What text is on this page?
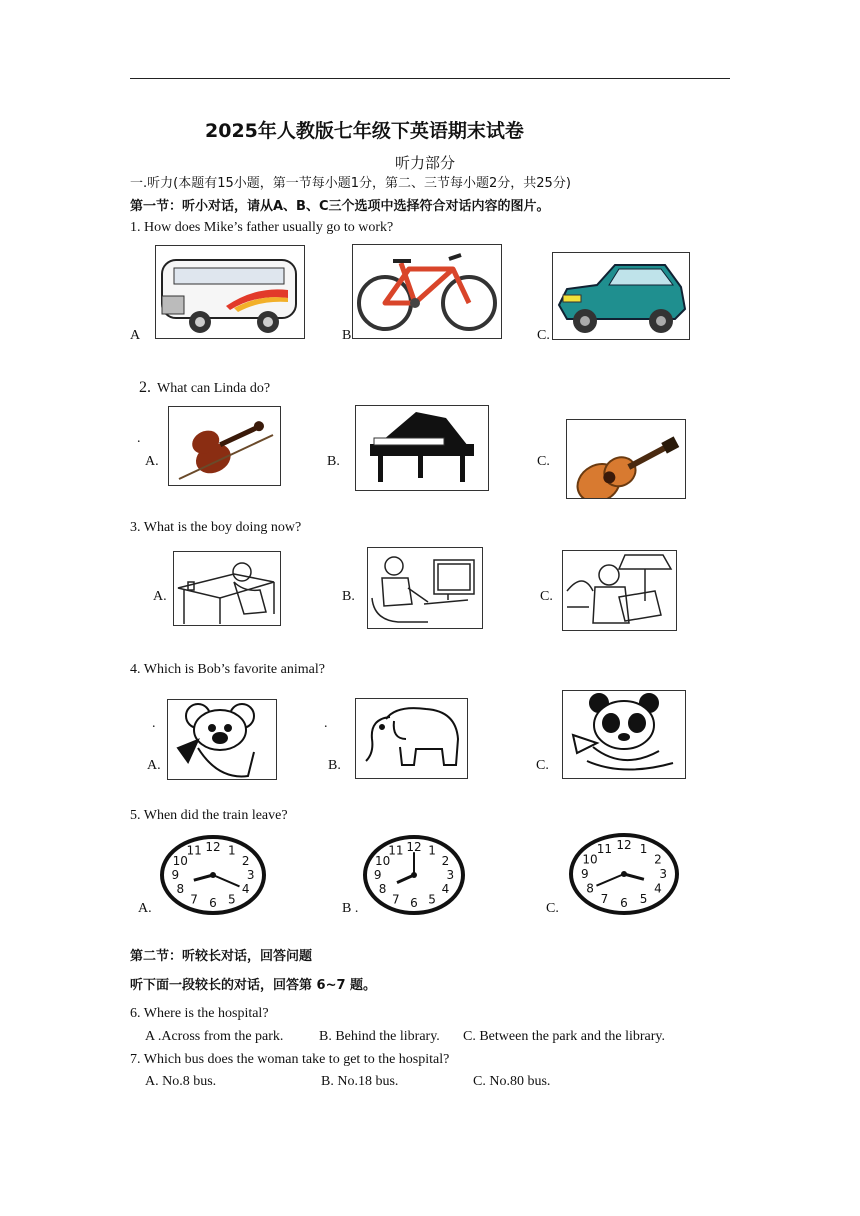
2025年人教版七年级下英语期末试卷
听力部分
一.听力(本题有15小题，第一节每小题1分，第二、三节每小题2分，共25分)
第一节：听小对话，请从A、B、C三个选项中选择符合对话内容的图片。
1. How does Mike’s father usually go to work?
A	B	C.
2. What can Linda do?
.
A.	B.	C.
3. What is the boy doing now?
A.	B.	C.
4. Which is Bob’s favorite animal?
.	.
A.	B.	C.
5. When did the train leave?
A.
12 1
2
3
4
5
6
7
8
9
10
11
B .
12 1
2
3
4
5
6
7
8
9
10
11
C.
12 1
2
3
4
5
6
7
8
9
10
11
第二节：听较长对话，回答问题
听下面一段较长的对话，回答第 6~7 题。
6. Where is the hospital?
A .Across from the park.	B. Behind the library. C. Between the park and the library.
7. Which bus does the woman take to get to the hospital?
A. No.8 bus.	B. No.18 bus.	C. No.80 bus.
